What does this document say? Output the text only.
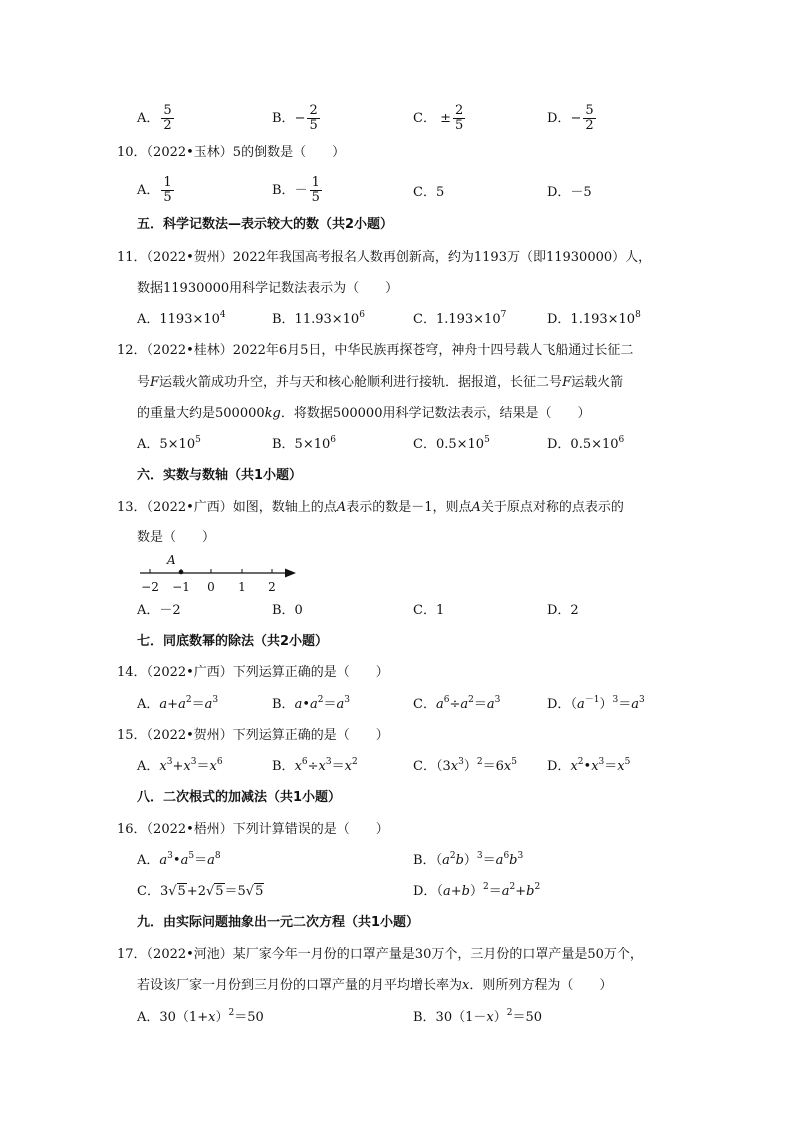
A． $\frac{5}{2}$	B．− $\frac{2}{5}$	C． ± $\frac{2}{5}$	D．− $\frac{5}{2}$
10．（2022•玉林）5的倒数是（　　）
A． $\frac{1}{5}$	B．－ $\frac{1}{5}$	C．5	D．－5
五．科学记数法—表示较大的数（共2小题）
11．（2022•贺州）2022年我国高考报名人数再创新高，约为1193万（即11930000）人，
数据11930000用科学记数法表示为（　　）
A．$1193\times 10^4$	B．$11.93\times 10^6$	C．$1.193\times 10^7$	D．$1.193\times 10^8$
12．（2022•桂林）2022年6月5日，中华民族再探苍穹，神舟十四号载人飞船通过长征二
号F运载火箭成功升空，并与天和核心舱顺利进行接轨．据报道，长征二号F运载火箭
的重量大约是500000kg．将数据500000用科学记数法表示，结果是（　　）
A．$5\times 10^5$	B．$5\times 10^6$	C．$0.5\times 10^5$	D．$0.5\times 10^6$
六．实数与数轴（共1小题）
13．（2022•广西）如图，数轴上的点A表示的数是－1，则点A关于原点对称的点表示的
数是（　　）
A
−2 −1 0 1 2
A．－2	B．0	C．1	D．2
七．同底数幂的除法（共2小题）
14．（2022•广西）下列运算正确的是（　　）
A．$a+a^2=a^3$	B．$a•a^2=a^3$	C．$a^6\div a^2=a^3$	D．$(a^{-1})^3=a^3$
15．（2022•贺州）下列运算正确的是（　　）
A．$x^3+x^3=x^6$	B．$x^6\div x^3=x^2$	C．$(3x^3)^2=6x^5$ D．$x^2•x^3=x^5$
八．二次根式的加减法（共1小题）
16．（2022•梧州）下列计算错误的是（　　）
A．$a^3•a^5=a^8$	B．$(a^2b)^3=a^6b^3$
C．3√5+2√5＝5√5	D．$(a+b)^2=a^2+b^2$
九．由实际问题抽象出一元二次方程（共1小题）
17．（2022•河池）某厂家今年一月份的口罩产量是30万个，三月份的口罩产量是50万个，
若设该厂家一月份到三月份的口罩产量的月平均增长率为x．则所列方程为（　　）
A．$30(1+x)^2=50$	B．$30(1-x)^2=50$
